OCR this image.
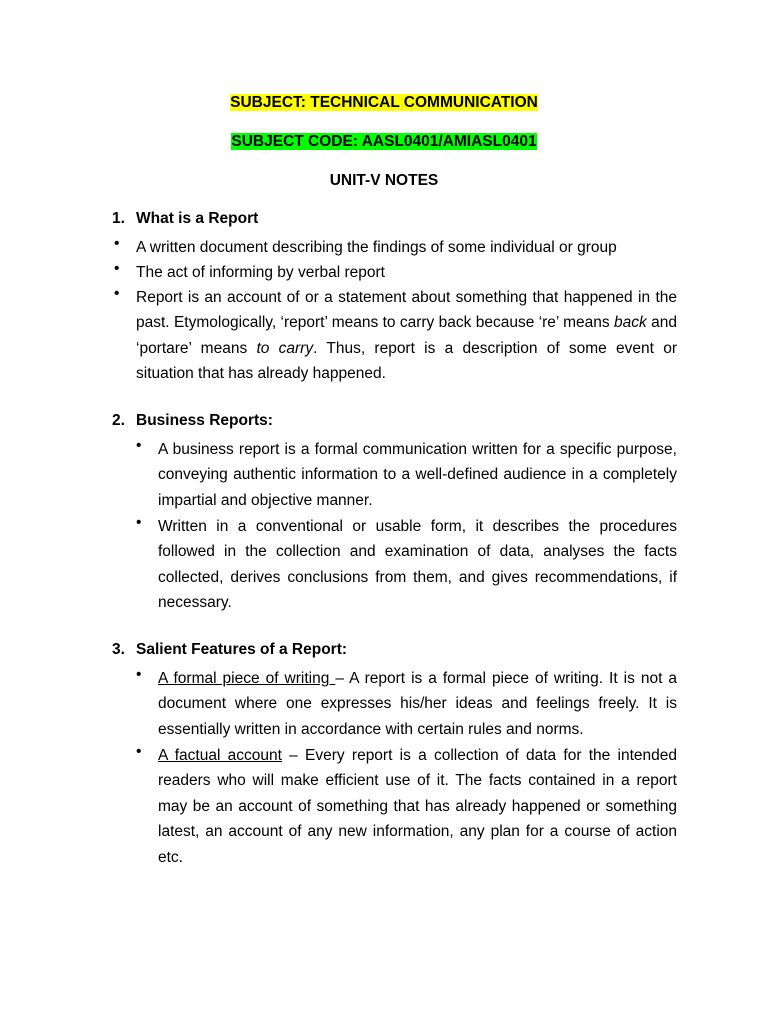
SUBJECT: TECHNICAL COMMUNICATION
SUBJECT CODE: AASL0401/AMIASL0401
UNIT-V NOTES
1. What is a Report
• A written document describing the findings of some individual or group
• The act of informing by verbal report
• Report is an account of or a statement about something that happened in the past. Etymologically, ‘report’ means to carry back because ‘re’ means back and ‘portare’ means to carry. Thus, report is a description of some event or situation that has already happened.
2. Business Reports:
• A business report is a formal communication written for a specific purpose, conveying authentic information to a well-defined audience in a completely impartial and objective manner.
• Written in a conventional or usable form, it describes the procedures followed in the collection and examination of data, analyses the facts collected, derives conclusions from them, and gives recommendations, if necessary.
3. Salient Features of a Report:
• A formal piece of writing – A report is a formal piece of writing. It is not a document where one expresses his/her ideas and feelings freely. It is essentially written in accordance with certain rules and norms.
• A factual account – Every report is a collection of data for the intended readers who will make efficient use of it. The facts contained in a report may be an account of something that has already happened or something latest, an account of any new information, any plan for a course of action etc.
